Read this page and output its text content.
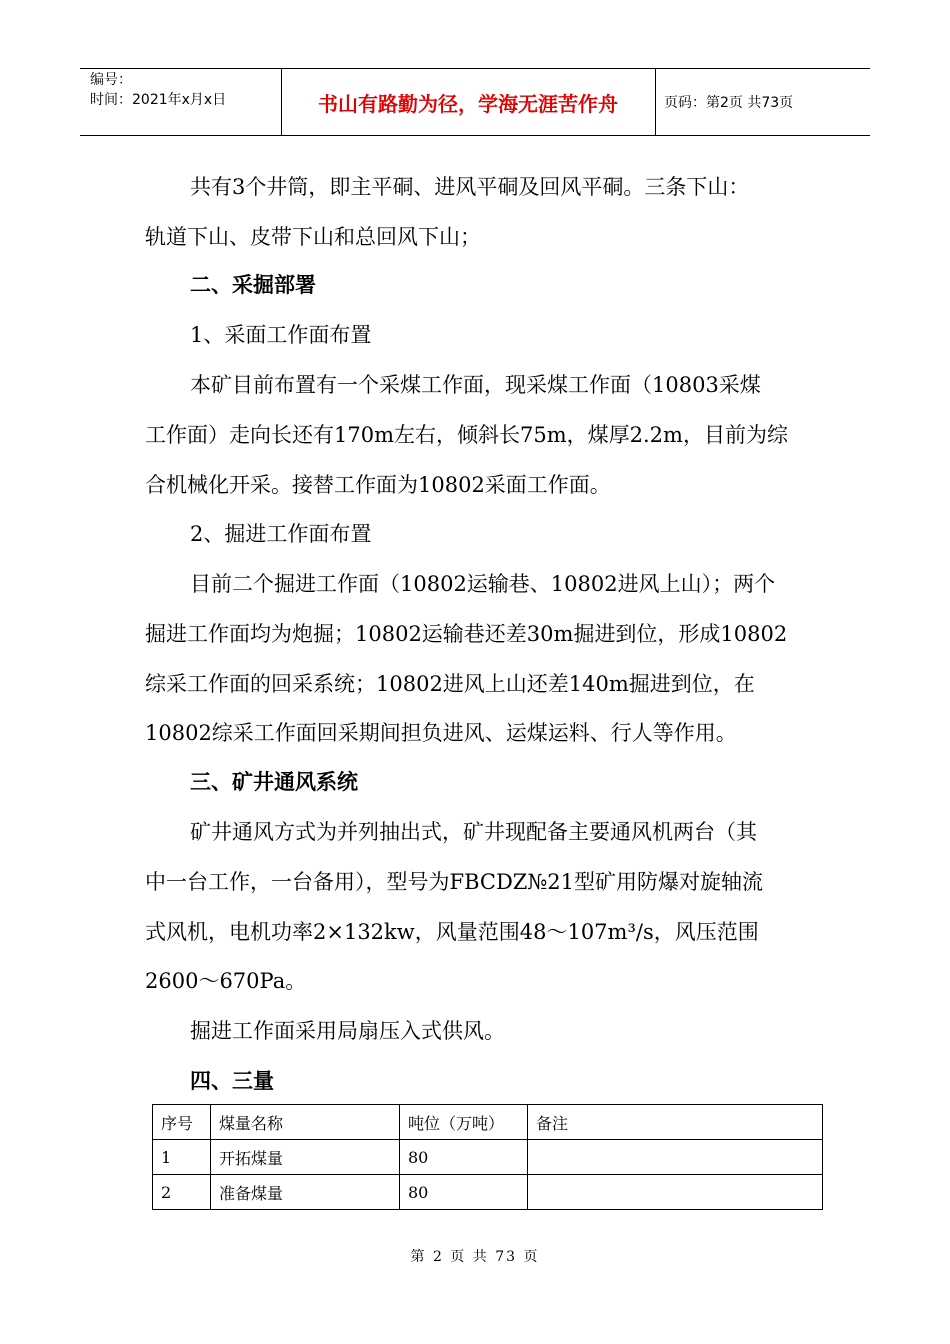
编号：
时间：2021年x月x日	书山有路勤为径，学海无涯苦作舟	页码：第2页 共73页
共有3个井筒，即主平硐、进风平硐及回风平硐。三条下山：
轨道下山、皮带下山和总回风下山；
二、采掘部署
1、采面工作面布置
本矿目前布置有一个采煤工作面，现采煤工作面（10803采煤
工作面）走向长还有170m左右，倾斜长75m，煤厚2.2m，目前为综
合机械化开采。接替工作面为10802采面工作面。
2、掘进工作面布置
目前二个掘进工作面（10802运输巷、10802进风上山）；两个
掘进工作面均为炮掘；10802运输巷还差30m掘进到位，形成10802
综采工作面的回采系统；10802进风上山还差140m掘进到位，在
10802综采工作面回采期间担负进风、运煤运料、行人等作用。
三、矿井通风系统
矿井通风方式为并列抽出式，矿井现配备主要通风机两台（其
中一台工作，一台备用），型号为FBCDZ№21型矿用防爆对旋轴流
式风机，电机功率2×132kw，风量范围48～107m³/s，风压范围
2600～670Pa。
掘进工作面采用局扇压入式供风。
四、三量
序号	煤量名称	吨位（万吨）	备注
1	开拓煤量	80	
2	准备煤量	80	
第 2 页 共 73 页
